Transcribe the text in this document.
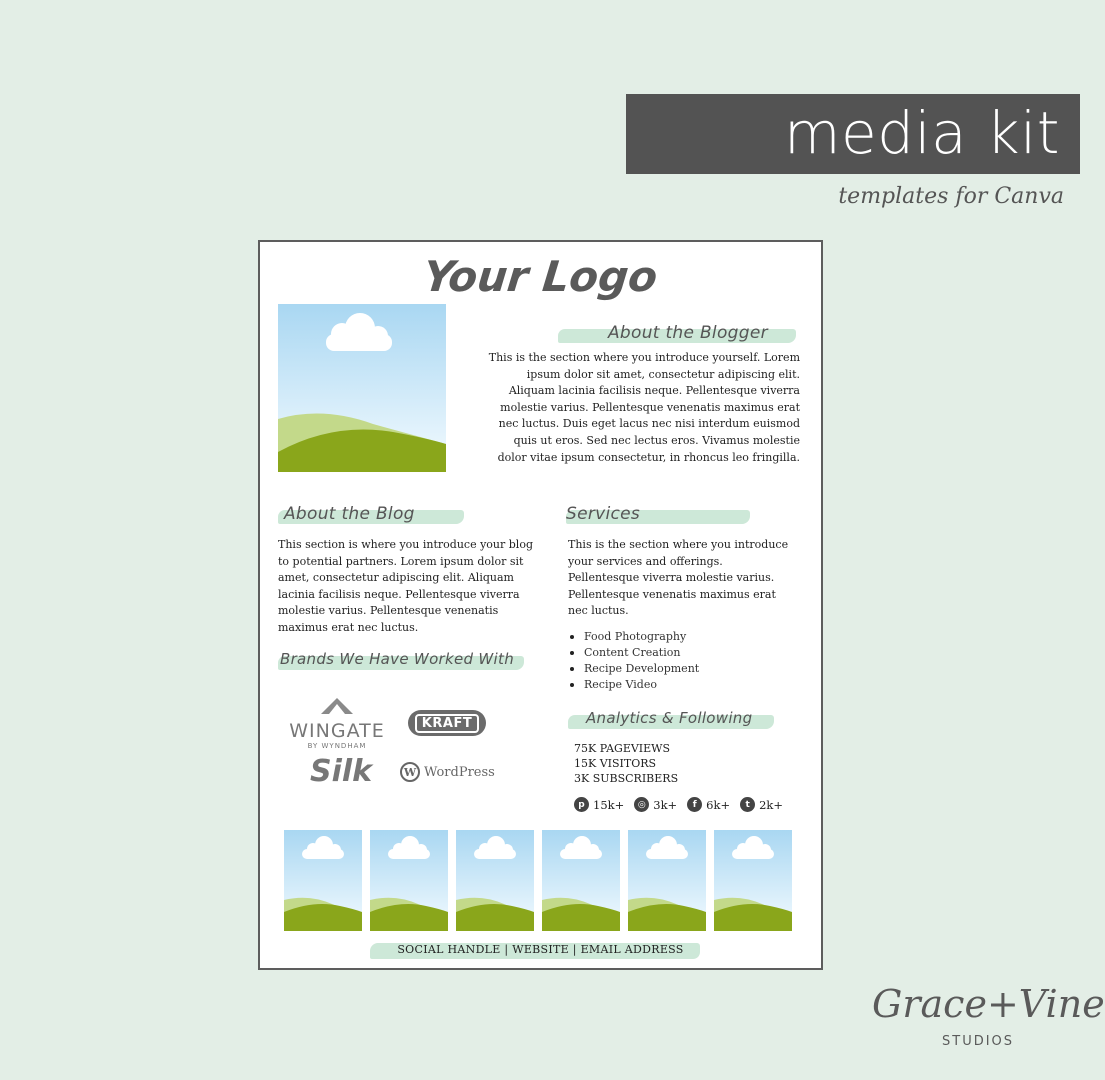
media kit
templates for Canva
Your Logo
About the Blogger
This is the section where you introduce yourself. Lorem ipsum dolor sit amet, consectetur adipiscing elit. Aliquam lacinia facilisis neque. Pellentesque viverra molestie varius. Pellentesque venenatis maximus erat nec luctus. Duis eget lacus nec nisi interdum euismod quis ut eros. Sed nec lectus eros. Vivamus molestie dolor vitae ipsum consectetur, in rhoncus leo fringilla.
About the Blog
This section is where you introduce your blog to potential partners. Lorem ipsum dolor sit amet, consectetur adipiscing elit. Aliquam lacinia facilisis neque. Pellentesque viverra molestie varius. Pellentesque venenatis maximus erat nec luctus.
Services
This is the section where you introduce your services and offerings. Pellentesque viverra molestie varius. Pellentesque venenatis maximus erat nec luctus.
Food Photography
Content Creation
Recipe Development
Recipe Video
Brands We Have Worked With
WINGATE
BY WYNDHAM
KRAFT
Silk	W WordPress
Analytics & Following
75K PAGEVIEWS
15K VISITORS
3K SUBSCRIBERS
p 15k+	◎ 3k+	f 6k+	t 2k+
SOCIAL HANDLE | WEBSITE | EMAIL ADDRESS
Grace+Vine
STUDIOS
